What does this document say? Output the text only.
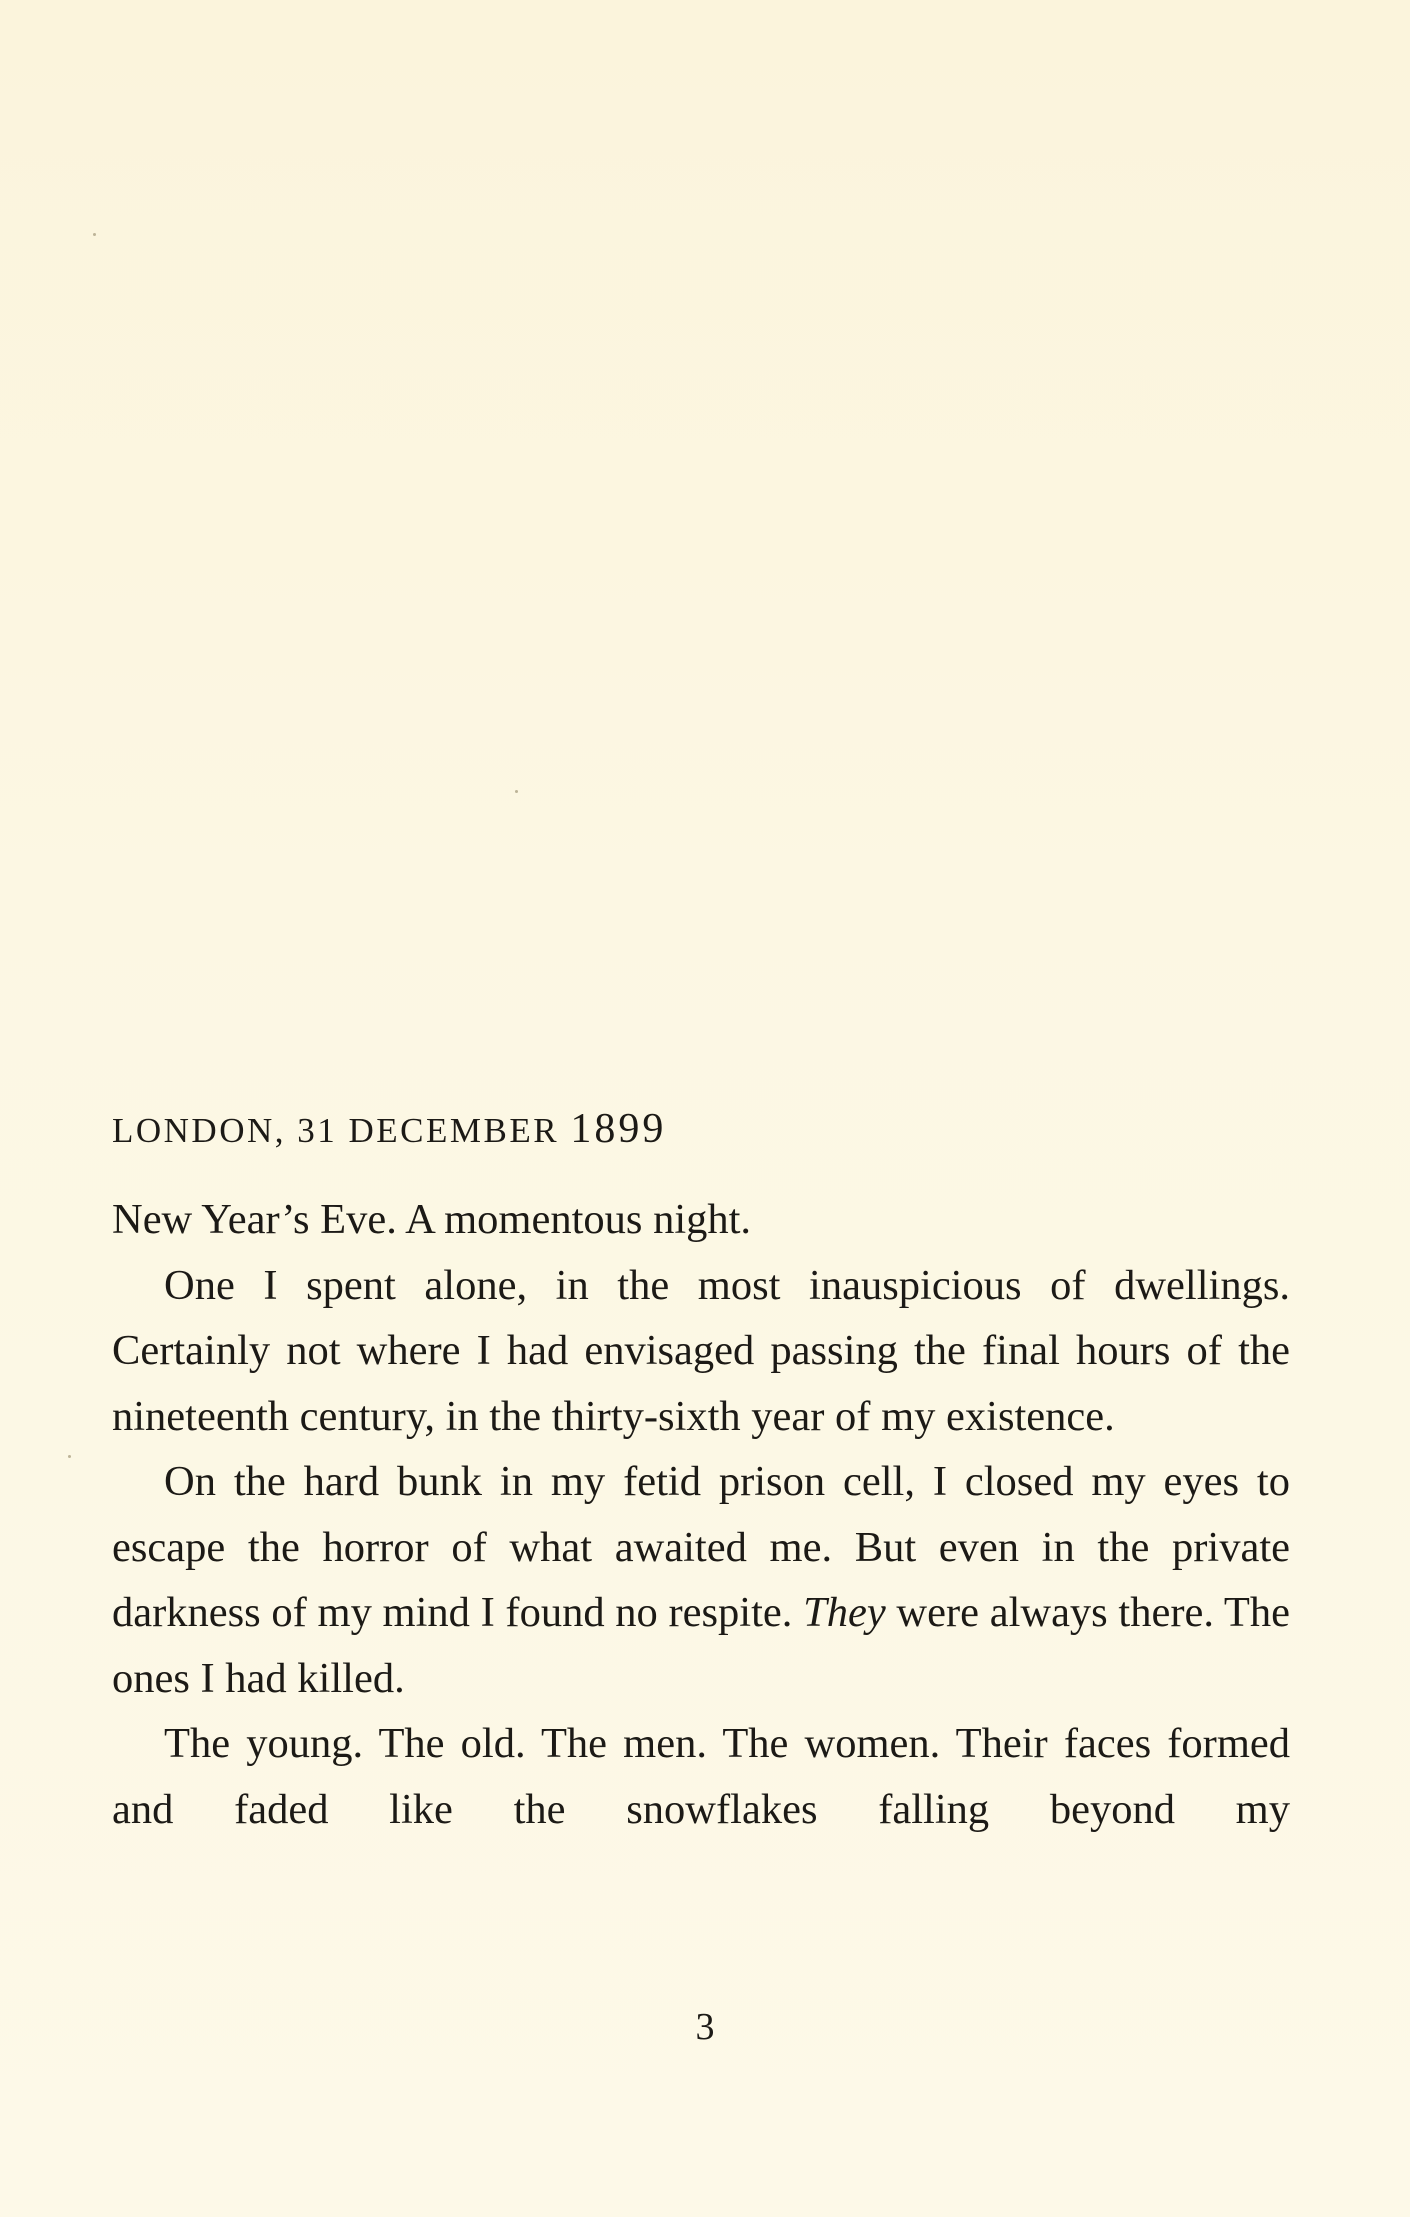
LONDON, 31 DECEMBER 1899

New Year’s Eve. A momentous night.

One I spent alone, in the most inauspicious of dwellings. Certainly not where I had envisaged passing the final hours of the nineteenth century, in the thirty-sixth year of my existence.

On the hard bunk in my fetid prison cell, I closed my eyes to escape the horror of what awaited me. But even in the private darkness of my mind I found no respite. They were always there. The ones I had killed.

The young. The old. The men. The women. Their faces formed and faded like the snowflakes falling beyond my

3
